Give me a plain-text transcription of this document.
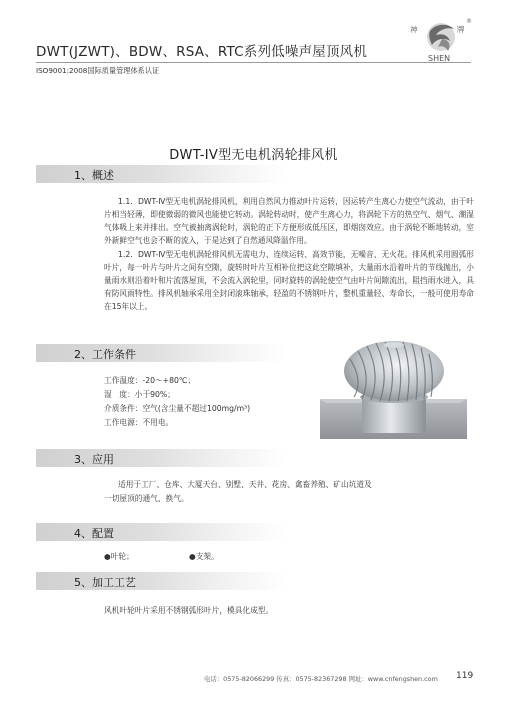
DWT(JZWT)、BDW、RSA、RTC系列低噪声屋顶风机
ISO9001:2008国际质量管理体系认证
神	牌
SHEN
®
DWT-IV型无电机涡轮排风机
1、概述
1.1．DWT-Ⅳ型无电机涡轮排风机，利用自然风力推动叶片运转，因运转产生离心力使空气流动，由于叶片相当轻薄，即使微弱的微风也能使它转动。涡轮转动时，使产生离心力，将涡轮下方的热空气、烟气、潮湿气体吸上来并排出。空气被抽离涡轮时，涡轮的正下方便形成低压区，即烟囱效应。由于涡轮不断地转动，室外新鲜空气也会不断的流入，于是达到了自然通风降温作用。
1.2．DWT-Ⅳ型无电机涡轮排风机无需电力、连续运转、高效节能，无噪音、无火花。排风机采用圆弧形叶片，每一叶片与叶片之间有空隙，旋转时叶片互相补位把这此空隙填补，大量雨水沿着叶片的节线抛出，小量雨水则沿着叶和片流落屋顶，不会流入涡轮里，同时旋转的涡轮使空气由叶片间隙流出，阻挡雨水进入，具有防风雨特性。排风机轴承采用全封闭滚珠轴承，轻盈的不锈钢叶片，整机重量轻、寿命长，一般可使用寿命在15年以上。
2、工作条件
工作温度：-20～+80℃；
湿　度：小于90%；
介质条件：空气(含尘量不超过100mg/m³)
工作电源：不用电。
3、应用
适用于工厂、仓库、大厦天台、别墅、天井、花房、禽畜养殖、矿山坑道及
一切屋顶的通气、换气。
4、配置
●叶轮；	●支架。
5、加工工艺
风机叶轮叶片采用不锈钢弧形叶片，模具化成型。
电话：0575-82066299 传真：0575-82367298 网址：www.cnfengshen.com 119
